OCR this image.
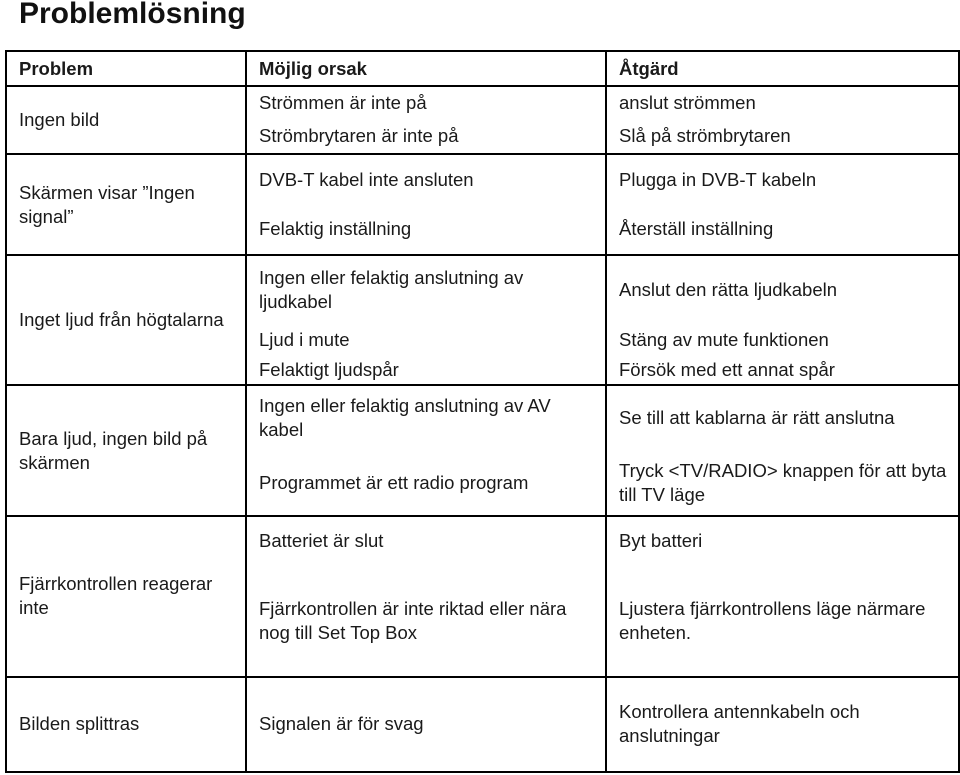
Problemlösning
Problem	Möjlig orsak	Åtgärd
Ingen bild	Strömmen är inte på	anslut strömmen
	Strömbrytaren är inte på	Slå på strömbrytaren
Skärmen visar ”Ingen signal”	DVB-T kabel inte ansluten	Plugga in DVB-T kabeln
	Felaktig inställning	Återställ inställning
Inget ljud från högtalarna	Ingen eller felaktig anslutning av ljudkabel	Anslut den rätta ljudkabeln
	Ljud i mute	Stäng av mute funktionen
	Felaktigt ljudspår	Försök med ett annat spår
Bara ljud, ingen bild på skärmen	Ingen eller felaktig anslutning av AV kabel	Se till att kablarna är rätt anslutna
	Programmet är ett radio program	Tryck <TV/RADIO> knappen för att byta till TV läge
Fjärrkontrollen reagerar inte	Batteriet är slut	Byt batteri
	Fjärrkontrollen är inte riktad eller nära nog till Set Top Box	Ljustera fjärrkontrollens läge närmare enheten.
Bilden splittras	Signalen är för svag	Kontrollera antennkabeln och anslutningar
